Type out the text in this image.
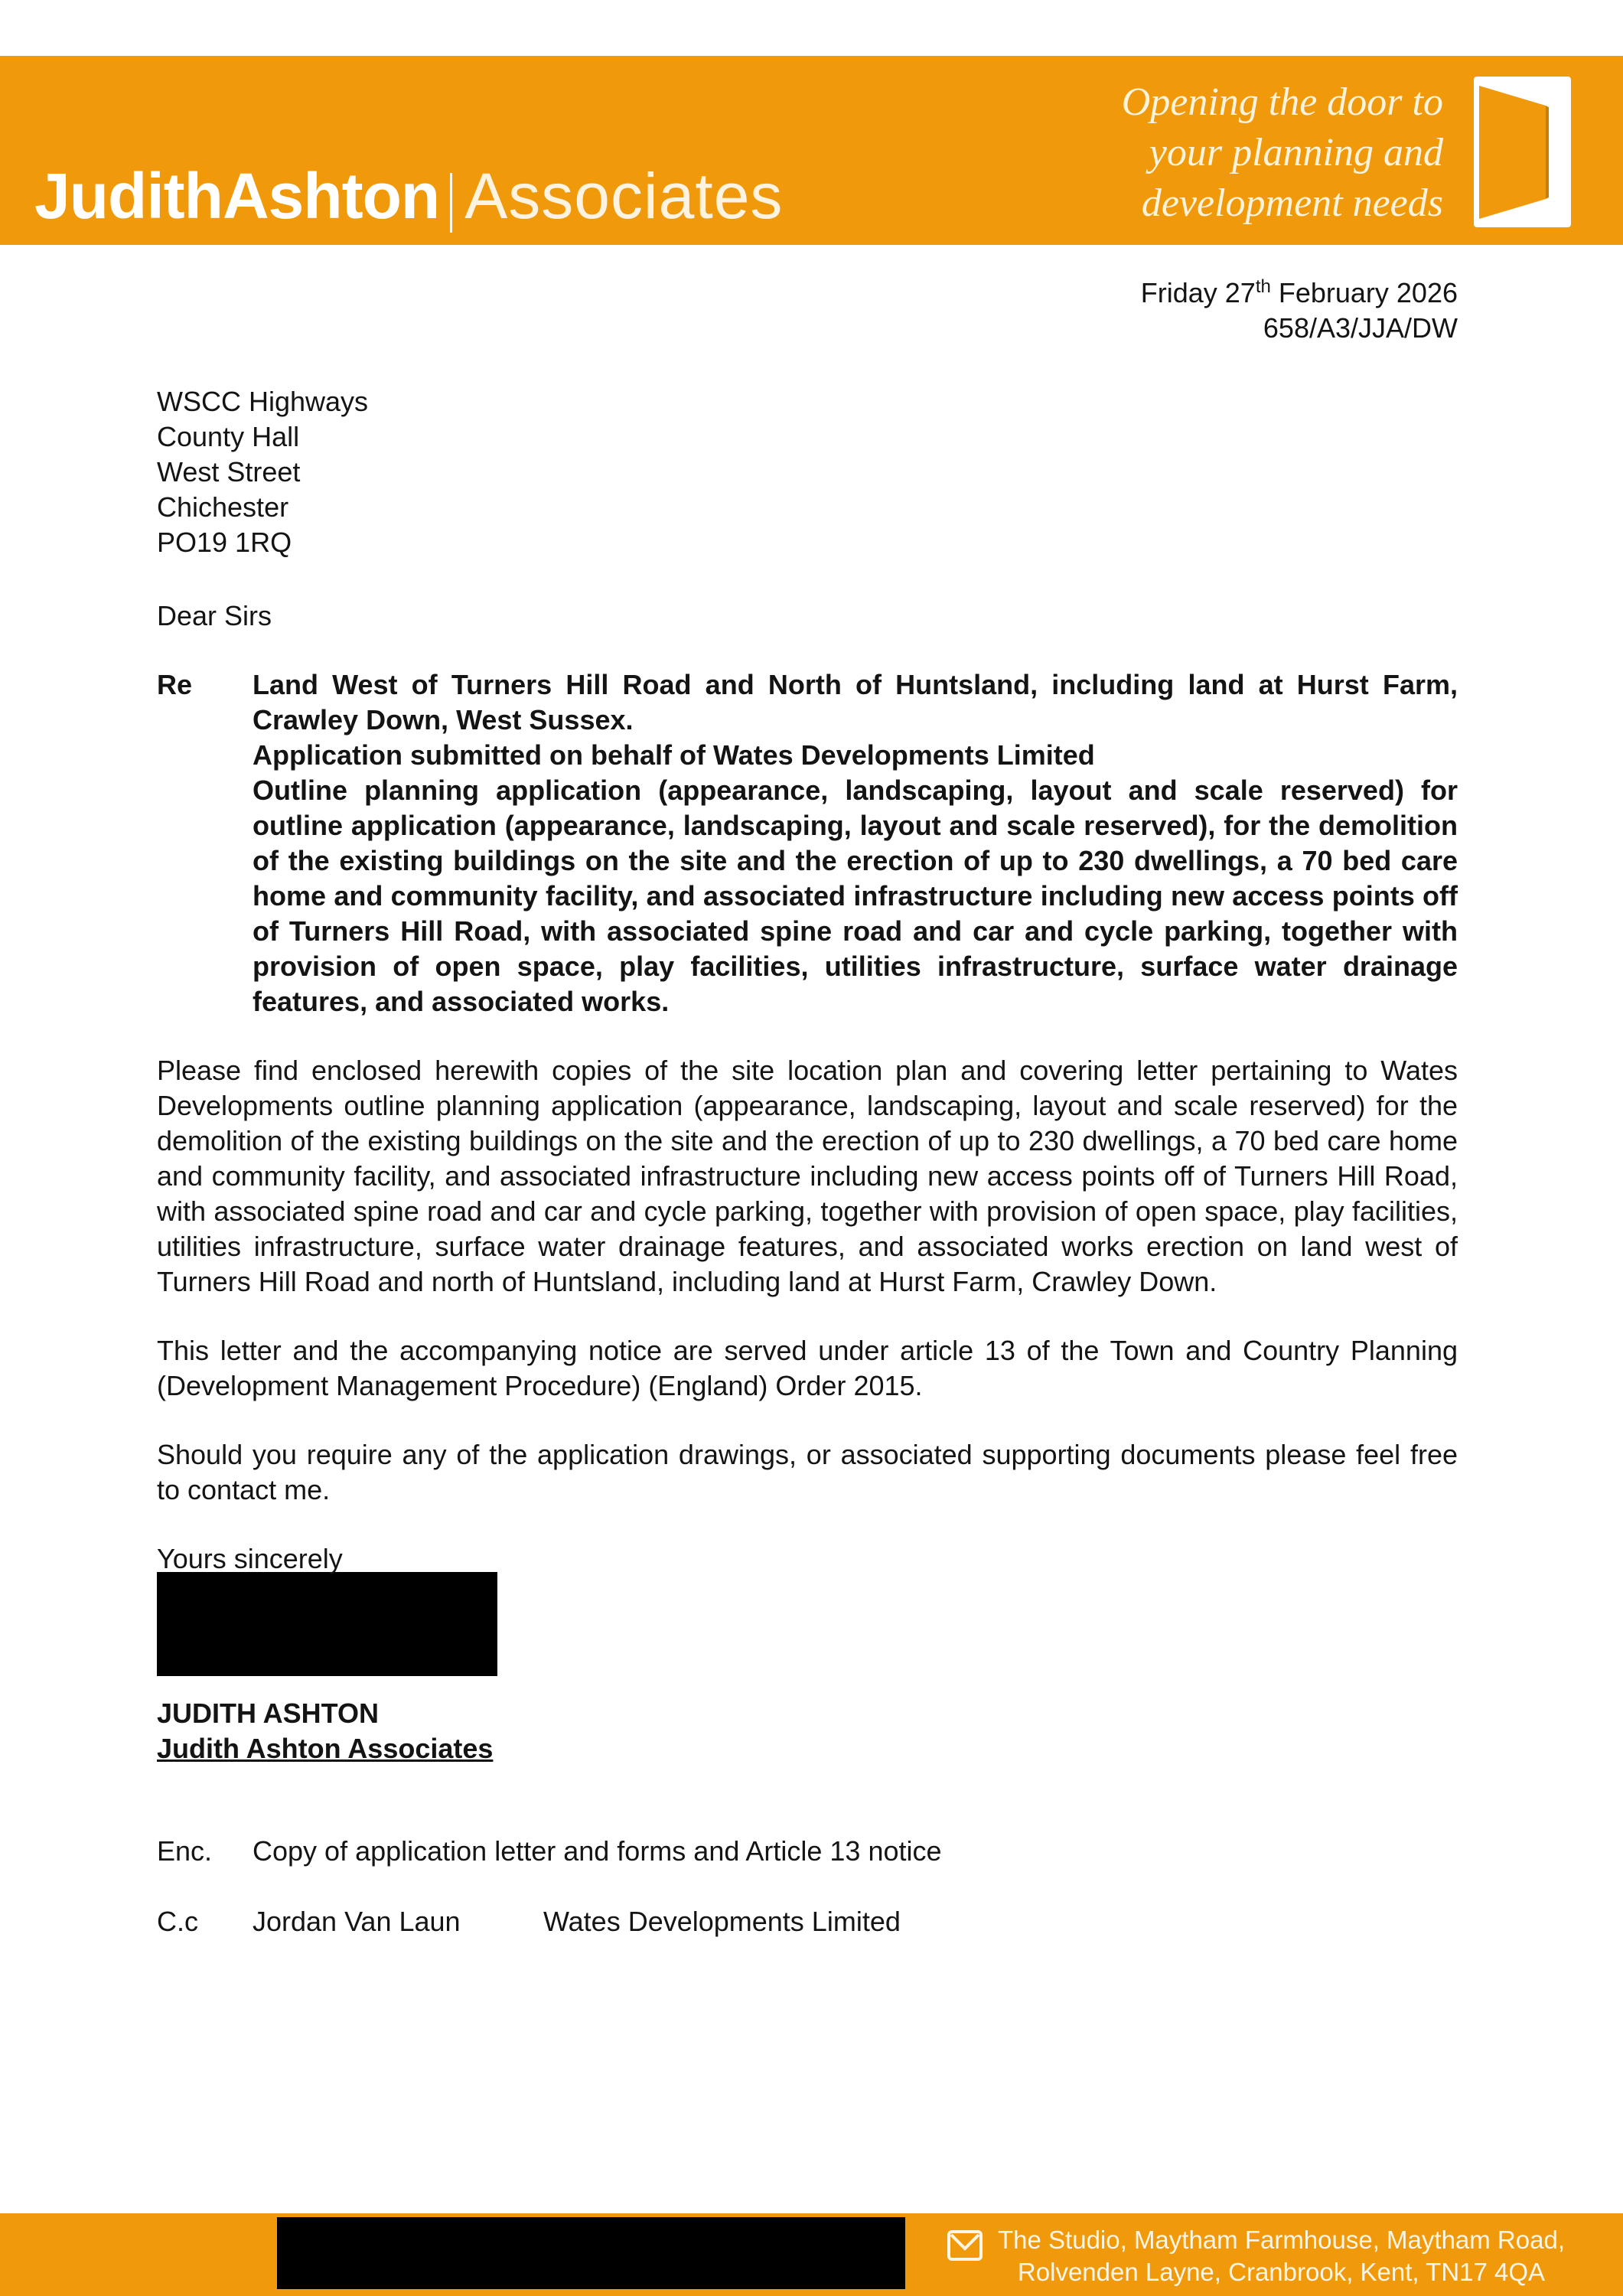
JudithAshton Associates
Opening the door to
your planning and
development needs
Friday 27th February 2026
658/A3/JJA/DW
WSCC Highways
County Hall
West Street
Chichester
PO19 1RQ
Dear Sirs
Re	Land West of Turners Hill Road and North of Huntsland, including land at Hurst Farm, Crawley Down, West Sussex.
Application submitted on behalf of Wates Developments Limited
Outline planning application (appearance, landscaping, layout and scale reserved) for outline application (appearance, landscaping, layout and scale reserved), for the demolition of the existing buildings on the site and the erection of up to 230 dwellings, a 70 bed care home and community facility, and associated infrastructure including new access points off of Turners Hill Road, with associated spine road and car and cycle parking, together with provision of open space, play facilities, utilities infrastructure, surface water drainage features, and associated works.
Please find enclosed herewith copies of the site location plan and covering letter pertaining to Wates Developments outline planning application (appearance, landscaping, layout and scale reserved) for the demolition of the existing buildings on the site and the erection of up to 230 dwellings, a 70 bed care home and community facility, and associated infrastructure including new access points off of Turners Hill Road, with associated spine road and car and cycle parking, together with provision of open space, play facilities, utilities infrastructure, surface water drainage features, and associated works erection on land west of Turners Hill Road and north of Huntsland, including land at Hurst Farm, Crawley Down.
This letter and the accompanying notice are served under article 13 of the Town and Country Planning (Development Management Procedure) (England) Order 2015.
Should you require any of the application drawings, or associated supporting documents please feel free to contact me.
Yours sincerely
JUDITH ASHTON
Judith Ashton Associates
Enc.	Copy of application letter and forms and Article 13 notice
C.c	Jordan Van Laun	Wates Developments Limited
The Studio, Maytham Farmhouse, Maytham Road,
Rolvenden Layne, Cranbrook, Kent, TN17 4QA
